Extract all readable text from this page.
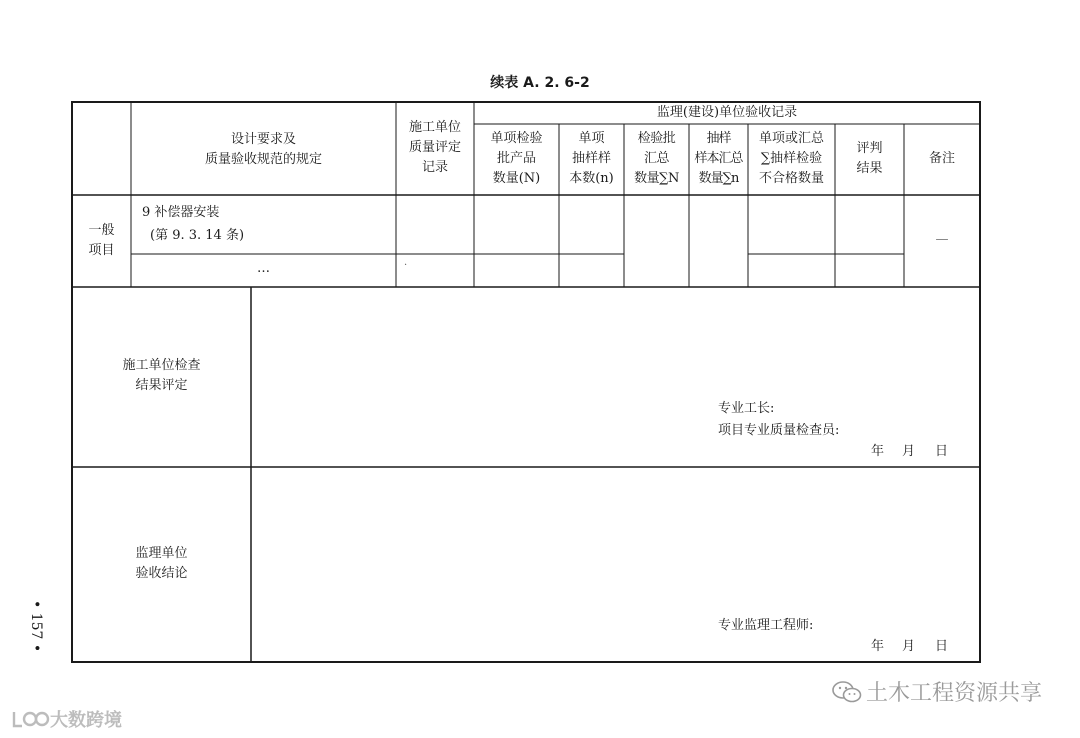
续表 A. 2. 6-2
设计要求及
质量验收规范的规定
施工单位
质量评定
记录
监理(建设)单位验收记录
单项检验
批产品
数量(N)
单项
抽样样
本数(n)
检验批
汇总
数量∑N
抽样
样本汇总
数量∑n
单项或汇总
∑抽样检验
不合格数量
评判
结果
备注
一般
项目
9 补偿器安装
(第 9. 3. 14 条)
…	·
—
施工单位检查
结果评定
专业工长:
项目专业质量检查员:
年 月 日
监理单位
验收结论
专业监理工程师:
年 月 日
• 157 •
土木工程资源共享
大数跨境
